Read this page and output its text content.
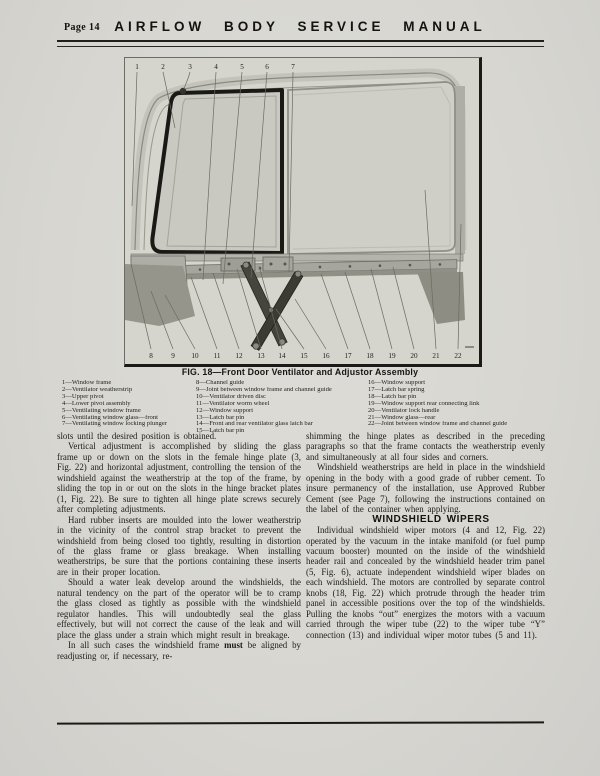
Page 14	AIRFLOW BODY SERVICE MANUAL
1	2	3	4	5	6	7
8	9 10 11 12 13 14 15 16 17 18 19 20 21 22
FIG. 18—Front Door Ventilator and Adjustor Assembly
1—Window frame
2—Ventilator weatherstrip
3—Upper pivot
4—Lower pivot assembly
5—Ventilating window frame
6—Ventilating window glass—front
7—Ventilating window locking plunger
8—Channel guide
9—Joint between window frame and channel guide
10—Ventilator driven disc
11—Ventilator worm wheel
12—Window support
13—Latch bar pin
14—Front and rear ventilator glass latch bar
15—Latch bar pin
16—Window support
17—Latch bar spring
18—Latch bar pin
19—Window support rear connecting link
20—Ventilator lock handle
21—Window glass—rear
22—Joint between window frame and channel guide

slots until the desired position is obtained.

Vertical adjustment is accomplished by sliding the glass frame up or down on the slots in the female hinge plate (3, Fig. 22) and horizontal adjustment, controlling the tension of the windshield against the weatherstrip at the top of the frame, by sliding the top in or out on the slots in the hinge bracket plates (1, Fig. 22). Be sure to tighten all hinge plate screws securely after completing adjustments.

Hard rubber inserts are moulded into the lower weatherstrip in the vicinity of the control strap bracket to prevent the windshield from being closed too tightly, resulting in distortion of the glass frame or glass breakage. When installing weatherstrips, be sure that the portions containing these inserts are in their proper location.

Should a water leak develop around the windshields, the natural tendency on the part of the operator will be to cramp the glass closed as tightly as possible with the windshield regulator handles. This will undoubtedly seal the glass effectively, but will not correct the cause of the leak and will place the glass under a strain which might result in breakage.

In all such cases the windshield frame must be aligned by readjusting or, if necessary, re-

shimming the hinge plates as described in the preceding paragraphs so that the frame contacts the weatherstrip evenly and simultaneously at all four sides and corners.

Windshield weatherstrips are held in place in the windshield opening in the body with a good grade of rubber cement. To insure permanency of the installation, use Approved Rubber Cement (see Page 7), following the instructions contained on the label of the container when applying.

WINDSHIELD WIPERS

Individual windshield wiper motors (4 and 12, Fig. 22) operated by the vacuum in the intake manifold (or fuel pump vacuum booster) mounted on the inside of the windshield header rail and concealed by the windshield header trim panel (5, Fig. 6), actuate independent windshield wiper blades on each windshield. The motors are controlled by separate control knobs (18, Fig. 22) which protrude through the header trim panel in accessible positions over the top of the windshields. Pulling the knobs “out” energizes the motors with a vacuum carried through the wiper tube (22) to the wiper tube “Y” connection (13) and individual wiper motor tubes (5 and 11).
